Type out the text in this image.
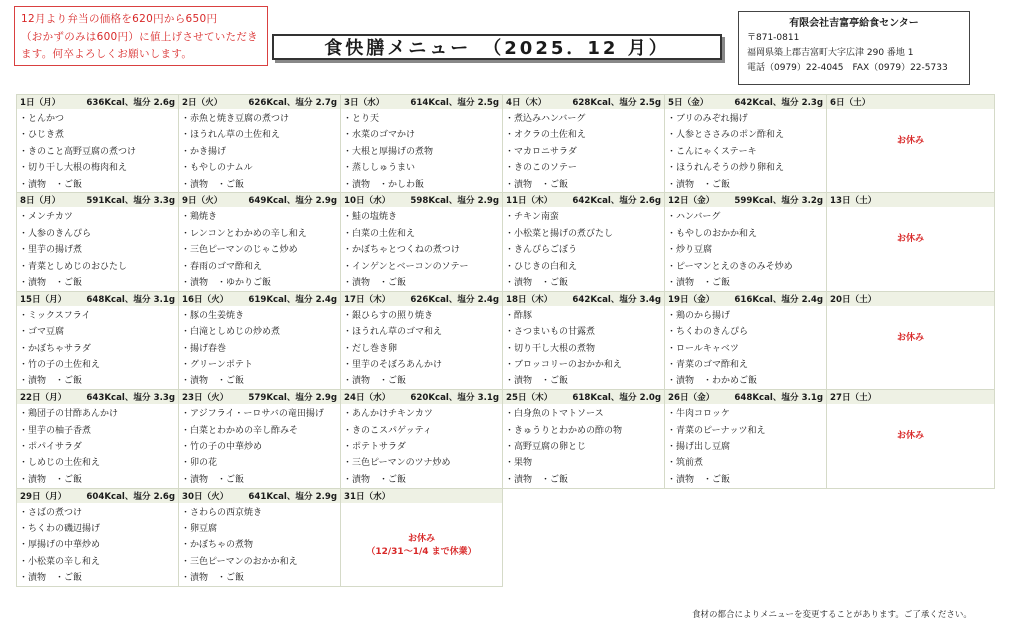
12月より弁当の価格を620円から650円
（おかずのみは600円）に値上げさせていただきます。何卒よろしくお願いします。	食快膳メニュー　（2025．12 月）
有限会社吉富亭給食センター
〒871-0811
福岡県築上郡吉富町大字広津 290 番地 1
電話（0979）22-4045　FAX（0979）22-5733
1日（月）	636Kcal、塩分 2.6g
・ とんかつ
・ ひじき煮
・ きのこと高野豆腐の煮つけ
・ 切り干し大根の梅肉和え
・ 漬物　・ご飯
2日（火）	626Kcal、塩分 2.7g
・ 赤魚と焼き豆腐の煮つけ
・ ほうれん草の土佐和え
・ かき揚げ
・ もやしのナムル
・ 漬物　・ご飯
3日（水）	614Kcal、塩分 2.5g
・ とり天
・ 水菜のゴマかけ
・ 大根と厚揚げの煮物
・ 蒸ししゅうまい
・ 漬物　・かしわ飯
4日（木）	628Kcal、塩分 2.5g
・ 煮込みハンバーグ
・ オクラの土佐和え
・ マカロニサラダ
・ きのこのソテー
・ 漬物　・ご飯
5日（金）	642Kcal、塩分 2.3g
・ ブリのみぞれ揚げ
・ 人参とささみのポン酢和え
・ こんにゃくステーキ
・ ほうれんそうの炒り卵和え
・ 漬物　・ご飯
6日（土）
お休み
8日（月）	591Kcal、塩分 3.3g
・ メンチカツ
・ 人参のきんぴら
・ 里芋の揚げ煮
・ 青菜としめじのおひたし
・ 漬物　・ご飯
9日（火）	649Kcal、塩分 2.9g
・ 鶏焼き
・ レンコンとわかめの辛し和え
・ 三色ピーマンのじゃこ炒め
・ 春雨のゴマ酢和え
・ 漬物　・ゆかりご飯
10日（水） 598Kcal、塩分 2.9g
・ 鮭の塩焼き
・ 白菜の土佐和え
・ かぼちゃとつくねの煮つけ
・ インゲンとベーコンのソテー
・ 漬物　・ご飯
11日（木） 642Kcal、塩分 2.6g
・ チキン南蛮
・ 小松菜と揚げの煮びたし
・ きんぴらごぼう
・ ひじきの白和え
・ 漬物　・ご飯
12日（金） 599Kcal、塩分 3.2g
・ ハンバーグ
・ もやしのおかか和え
・ 炒り豆腐
・ ピーマンとえのきのみそ炒め
・ 漬物　・ご飯
13日（土）
お休み
15日（月） 648Kcal、塩分 3.1g
・ ミックスフライ
・ ゴマ豆腐
・ かぼちゃサラダ
・ 竹の子の土佐和え
・ 漬物　・ご飯
16日（火） 619Kcal、塩分 2.4g
・ 豚の生姜焼き
・ 白滝としめじの炒め煮
・ 揚げ春巻
・ グリーンポテト
・ 漬物　・ご飯
17日（木） 626Kcal、塩分 2.4g
・ 銀ひらすの照り焼き
・ ほうれん草のゴマ和え
・ だし巻き卵
・ 里芋のそぼろあんかけ
・ 漬物　・ご飯
18日（木） 642Kcal、塩分 3.4g
・ 酢豚
・ さつまいもの甘露煮
・ 切り干し大根の煮物
・ ブロッコリーのおかか和え
・ 漬物　・ご飯
19日（金） 616Kcal、塩分 2.4g
・ 鶏のから揚げ
・ ちくわのきんぴら
・ ロールキャベツ
・ 青菜のゴマ酢和え
・ 漬物　・わかめご飯
20日（土）
お休み
22日（月） 643Kcal、塩分 3.3g
・ 鶏団子の甘酢あんかけ
・ 里芋の柚子香煮
・ ポパイサラダ
・ しめじの土佐和え
・ 漬物　・ご飯
23日（火） 579Kcal、塩分 2.9g
・ アジフライ・ーロサバの竜田揚げ
・ 白菜とわかめの辛し酢みそ
・ 竹の子の中華炒め
・ 卯の花
・ 漬物　・ご飯
24日（水） 620Kcal、塩分 3.1g
・ あんかけチキンカツ
・ きのこスパゲッティ
・ ポテトサラダ
・ 三色ピーマンのツナ炒め
・ 漬物　・ご飯
25日（木） 618Kcal、塩分 2.0g
・ 白身魚のトマトソース
・ きゅうりとわかめの酢の物
・ 高野豆腐の卵とじ
・ 果物
・ 漬物　・ご飯
26日（金） 648Kcal、塩分 3.1g
・ 牛肉コロッケ
・ 青菜のピーナッツ和え
・ 揚げ出し豆腐
・ 筑前煮
・ 漬物　・ご飯
27日（土）
お休み
29日（月） 604Kcal、塩分 2.6g
・ さばの煮つけ
・ ちくわの磯辺揚げ
・ 厚揚げの中華炒め
・ 小松菜の辛し和え
・ 漬物　・ご飯
30日（火） 641Kcal、塩分 2.9g
・ さわらの西京焼き
・ 卵豆腐
・ かぼちゃの煮物
・ 三色ピーマンのおかか和え
・ 漬物　・ご飯
31日（水）
お休み
（12/31～1/4 まで休業）
食材の都合によりメニューを変更することがあります。ご了承ください。
